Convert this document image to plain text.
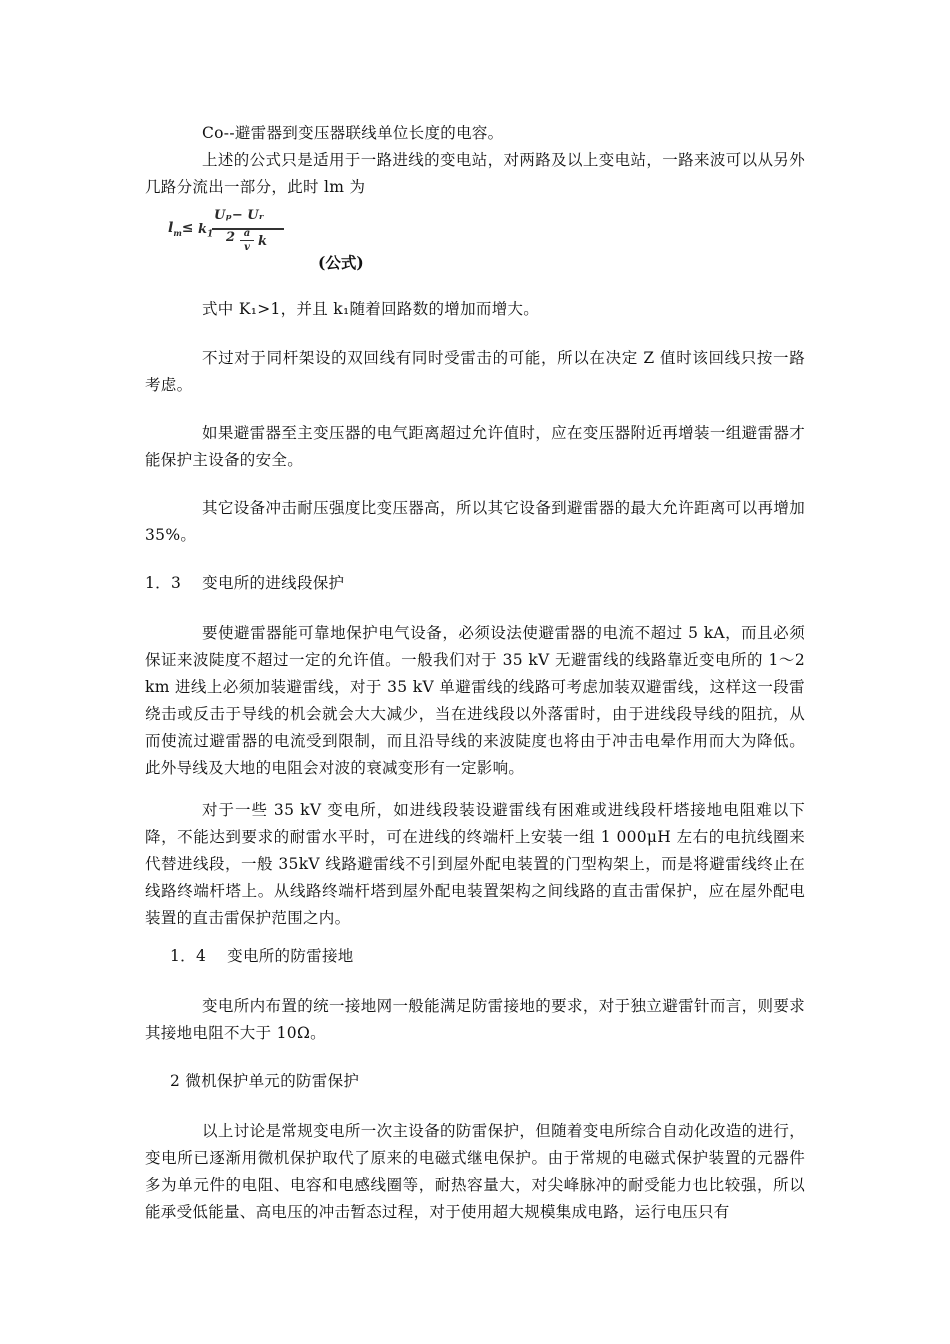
Co--避雷器到变压器联线单位长度的电容。

上述的公式只是适用于一路进线的变电站，对两路及以上变电站，一路来波可以从另外几路分流出一部分，此时 lm 为

$l_m\le k_1$
Uₚ− Uᵣ
2 a
v k
(公式)

式中 K₁>1，并且 k₁随着回路数的增加而增大。

不过对于同杆架设的双回线有同时受雷击的可能，所以在决定 Z 值时该回线只按一路考虑。

如果避雷器至主变压器的电气距离超过允许值时，应在变压器附近再增装一组避雷器才能保护主设备的安全。

其它设备冲击耐压强度比变压器高，所以其它设备到避雷器的最大允许距离可以再增加 35%。

1．3　 变电所的进线段保护

要使避雷器能可靠地保护电气设备，必须设法使避雷器的电流不超过 5 kA，而且必须保证来波陡度不超过一定的允许值。一般我们对于 35 kV 无避雷线的线路靠近变电所的 1～2 km 进线上必须加装避雷线，对于 35 kV 单避雷线的线路可考虑加装双避雷线，这样这一段雷绕击或反击于导线的机会就会大大减少，当在进线段以外落雷时，由于进线段导线的阻抗，从而使流过避雷器的电流受到限制，而且沿导线的来波陡度也将由于冲击电晕作用而大为降低。此外导线及大地的电阻会对波的衰减变形有一定影响。

对于一些 35 kV 变电所，如进线段装设避雷线有困难或进线段杆塔接地电阻难以下降，不能达到要求的耐雷水平时，可在进线的终端杆上安装一组 1 000μH 左右的电抗线圈来代替进线段，一般 35kV 线路避雷线不引到屋外配电装置的门型构架上，而是将避雷线终止在线路终端杆塔上。从线路终端杆塔到屋外配电装置架构之间线路的直击雷保护，应在屋外配电装置的直击雷保护范围之内。

1．4　 变电所的防雷接地

变电所内布置的统一接地网一般能满足防雷接地的要求，对于独立避雷针而言，则要求其接地电阻不大于 10Ω。

2 微机保护单元的防雷保护

以上讨论是常规变电所一次主设备的防雷保护，但随着变电所综合自动化改造的进行，变电所已逐渐用微机保护取代了原来的电磁式继电保护。由于常规的电磁式保护装置的元器件多为单元件的电阻、电容和电感线圈等，耐热容量大，对尖峰脉冲的耐受能力也比较强，所以能承受低能量、高电压的冲击暂态过程，对于使用超大规模集成电路，运行电压只有
